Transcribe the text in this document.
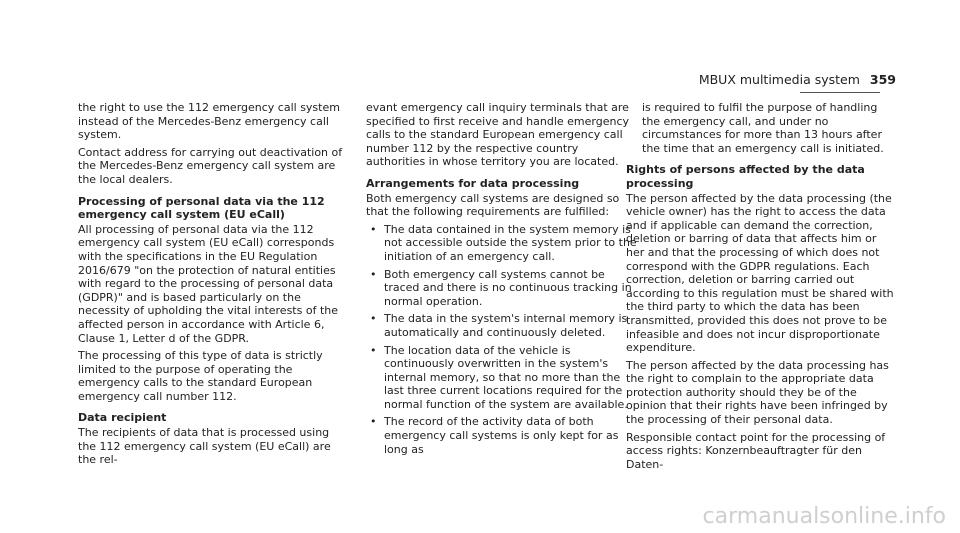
MBUX multimedia system 359

the right to use the 112 emergency call system instead of the Mercedes-Benz emergency call system.

Contact address for carrying out deactivation of the Mercedes-Benz emergency call system are the local dealers.

Processing of personal data via the 112 emergency call system (EU eCall)

All processing of personal data via the 112 emergency call system (EU eCall) corresponds with the specifications in the EU Regulation 2016/679 "on the protection of natural entities with regard to the processing of personal data (GDPR)" and is based particularly on the necessity of upholding the vital interests of the affected person in accordance with Article 6, Clause 1, Letter d of the GDPR.

The processing of this type of data is strictly limited to the purpose of operating the emergency calls to the standard European emergency call number 112.

Data recipient

The recipients of data that is processed using the 112 emergency call system (EU eCall) are the rel-

evant emergency call inquiry terminals that are specified to first receive and handle emergency calls to the standard European emergency call number 112 by the respective country authorities in whose territory you are located.

Arrangements for data processing

Both emergency call systems are designed so that the following requirements are fulfilled:

• The data contained in the system memory is not accessible outside the system prior to the initiation of an emergency call.
• Both emergency call systems cannot be traced and there is no continuous tracking in normal operation.
• The data in the system's internal memory is automatically and continuously deleted.
• The location data of the vehicle is continuously overwritten in the system's internal memory, so that no more than the last three current locations required for the normal function of the system are available.
• The record of the activity data of both emergency call systems is only kept for as long as

is required to fulfil the purpose of handling the emergency call, and under no circumstances for more than 13 hours after the time that an emergency call is initiated.

Rights of persons affected by the data processing

The person affected by the data processing (the vehicle owner) has the right to access the data and if applicable can demand the correction, deletion or barring of data that affects him or her and that the processing of which does not correspond with the GDPR regulations. Each correction, deletion or barring carried out according to this regulation must be shared with the third party to which the data has been transmitted, provided this does not prove to be infeasible and does not incur disproportionate expenditure.

The person affected by the data processing has the right to complain to the appropriate data protection authority should they be of the opinion that their rights have been infringed by the processing of their personal data.

Responsible contact point for the processing of access rights: Konzernbeauftragter für den Daten-

carmanualsonline.info
